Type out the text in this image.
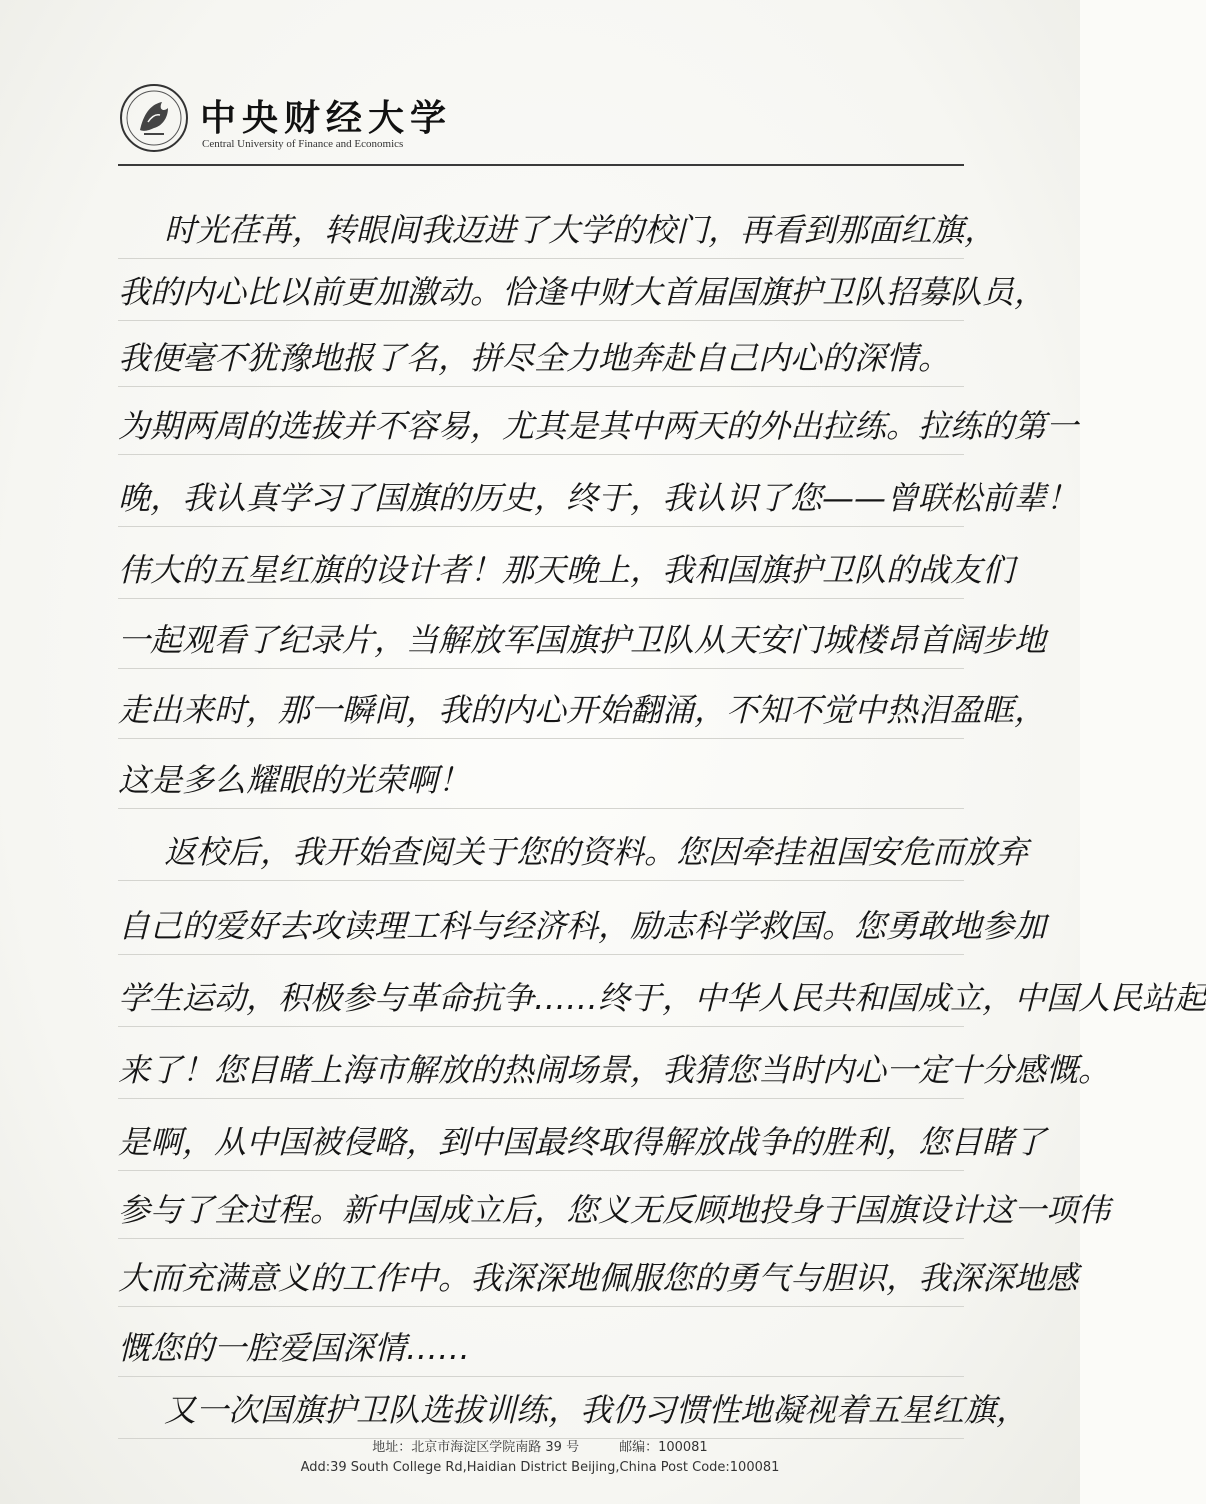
中央财经大学
Central University of Finance and Economics
时光荏苒，转眼间我迈进了大学的校门，再看到那面红旗，
我的内心比以前更加激动。恰逢中财大首届国旗护卫队招募队员，
我便毫不犹豫地报了名，拼尽全力地奔赴自己内心的深情。
为期两周的选拔并不容易，尤其是其中两天的外出拉练。拉练的第一
晚，我认真学习了国旗的历史，终于，我认识了您——曾联松前辈！
伟大的五星红旗的设计者！那天晚上，我和国旗护卫队的战友们
一起观看了纪录片，当解放军国旗护卫队从天安门城楼昂首阔步地
走出来时，那一瞬间，我的内心开始翻涌，不知不觉中热泪盈眶，
这是多么耀眼的光荣啊！
返校后，我开始查阅关于您的资料。您因牵挂祖国安危而放弃
自己的爱好去攻读理工科与经济科，励志科学救国。您勇敢地参加
学生运动，积极参与革命抗争……终于，中华人民共和国成立，中国人民站起
来了！您目睹上海市解放的热闹场景，我猜您当时内心一定十分感慨。
是啊，从中国被侵略，到中国最终取得解放战争的胜利，您目睹了
参与了全过程。新中国成立后，您义无反顾地投身于国旗设计这一项伟
大而充满意义的工作中。我深深地佩服您的勇气与胆识，我深深地感
慨您的一腔爱国深情……
又一次国旗护卫队选拔训练，我仍习惯性地凝视着五星红旗，
地址：北京市海淀区学院南路 39 号	邮编：100081
Add:39 South College Rd,Haidian District Beijing,China Post Code:100081
